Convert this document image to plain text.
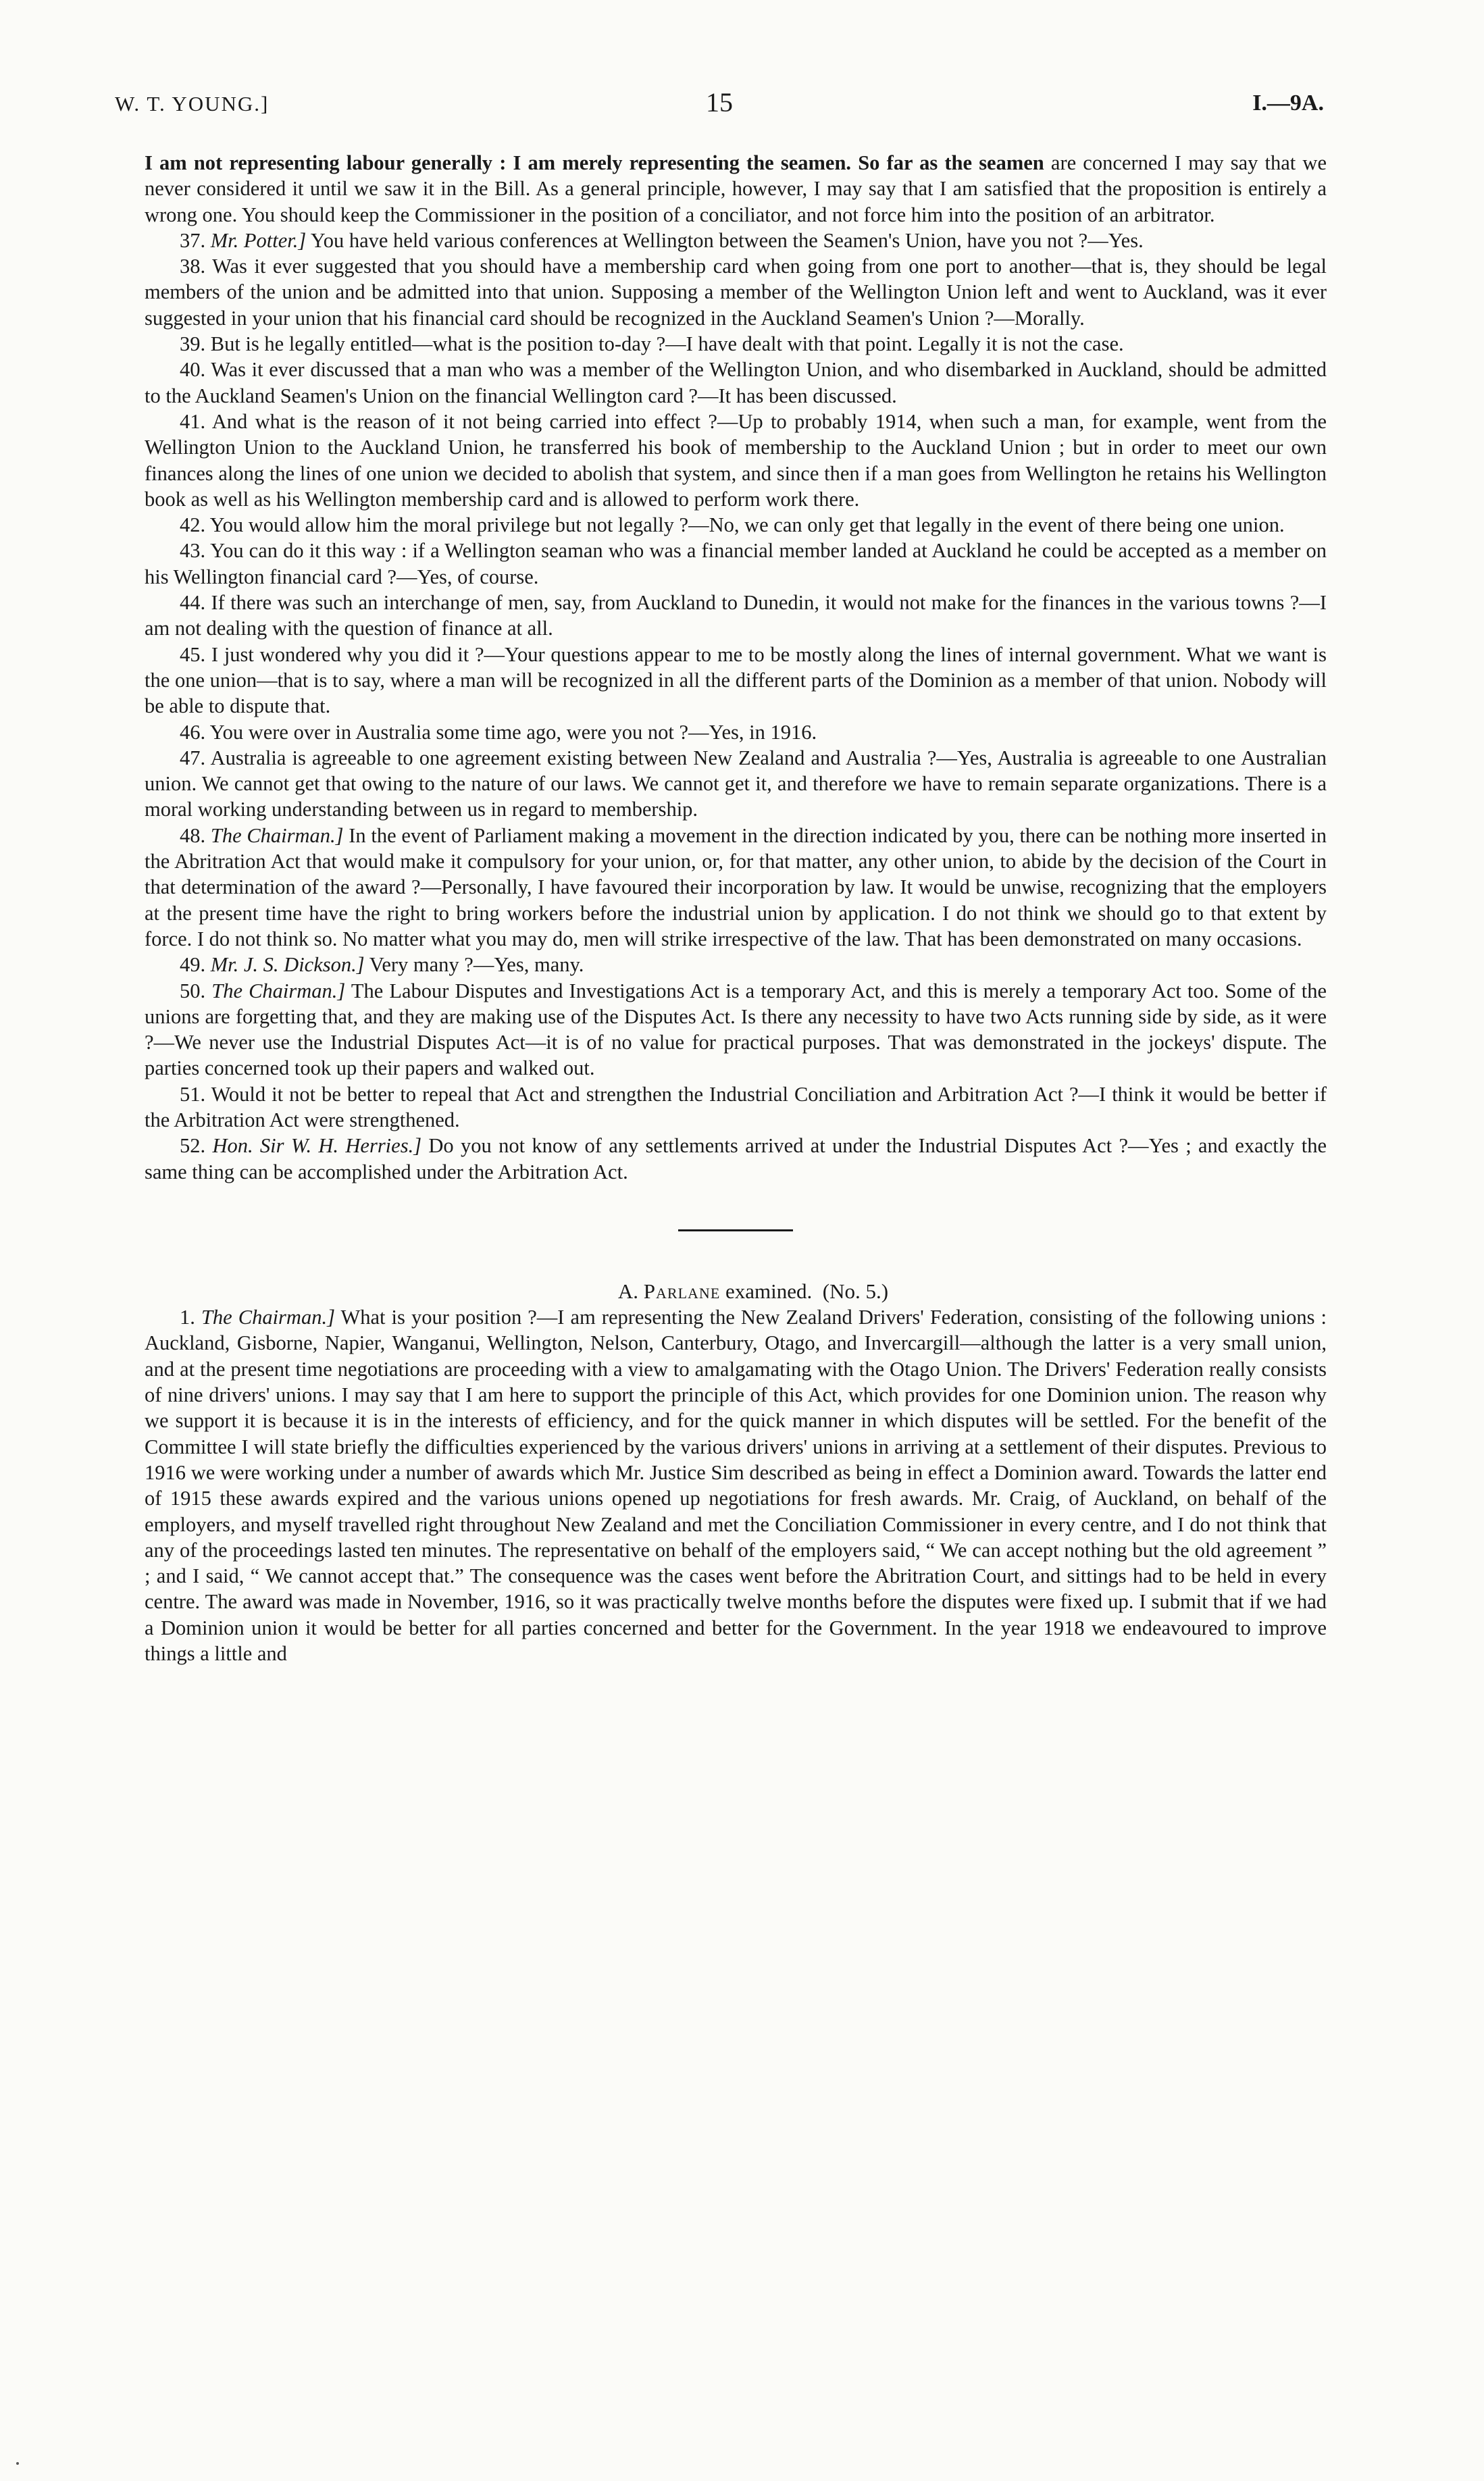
W. T. YOUNG.]	15	I.—9A.

I am not representing labour generally : I am merely representing the seamen. So far as the seamen are concerned I may say that we never considered it until we saw it in the Bill. As a general principle, however, I may say that I am satisfied that the proposition is entirely a wrong one. You should keep the Commissioner in the position of a conciliator, and not force him into the position of an arbitrator.

37. Mr. Potter.] You have held various conferences at Wellington between the Seamen's Union, have you not ?—Yes.

38. Was it ever suggested that you should have a membership card when going from one port to another—that is, they should be legal members of the union and be admitted into that union. Supposing a member of the Wellington Union left and went to Auckland, was it ever suggested in your union that his financial card should be recognized in the Auckland Seamen's Union ?—Morally.

39. But is he legally entitled—what is the position to-day ?—I have dealt with that point. Legally it is not the case.

40. Was it ever discussed that a man who was a member of the Wellington Union, and who disembarked in Auckland, should be admitted to the Auckland Seamen's Union on the financial Wellington card ?—It has been discussed.

41. And what is the reason of it not being carried into effect ?—Up to probably 1914, when such a man, for example, went from the Wellington Union to the Auckland Union, he transferred his book of membership to the Auckland Union ; but in order to meet our own finances along the lines of one union we decided to abolish that system, and since then if a man goes from Wellington he retains his Wellington book as well as his Wellington membership card and is allowed to perform work there.

42. You would allow him the moral privilege but not legally ?—No, we can only get that legally in the event of there being one union.

43. You can do it this way : if a Wellington seaman who was a financial member landed at Auckland he could be accepted as a member on his Wellington financial card ?—Yes, of course.

44. If there was such an interchange of men, say, from Auckland to Dunedin, it would not make for the finances in the various towns ?—I am not dealing with the question of finance at all.

45. I just wondered why you did it ?—Your questions appear to me to be mostly along the lines of internal government. What we want is the one union—that is to say, where a man will be recognized in all the different parts of the Dominion as a member of that union. Nobody will be able to dispute that.

46. You were over in Australia some time ago, were you not ?—Yes, in 1916.

47. Australia is agreeable to one agreement existing between New Zealand and Australia ?—Yes, Australia is agreeable to one Australian union. We cannot get that owing to the nature of our laws. We cannot get it, and therefore we have to remain separate organizations. There is a moral working understanding between us in regard to membership.

48. The Chairman.] In the event of Parliament making a movement in the direction indicated by you, there can be nothing more inserted in the Abritration Act that would make it compulsory for your union, or, for that matter, any other union, to abide by the decision of the Court in that determination of the award ?—Personally, I have favoured their incorporation by law. It would be unwise, recognizing that the employers at the present time have the right to bring workers before the industrial union by application. I do not think we should go to that extent by force. I do not think so. No matter what you may do, men will strike irrespective of the law. That has been demonstrated on many occasions.

49. Mr. J. S. Dickson.] Very many ?—Yes, many.

50. The Chairman.] The Labour Disputes and Investigations Act is a temporary Act, and this is merely a temporary Act too. Some of the unions are forgetting that, and they are making use of the Disputes Act. Is there any necessity to have two Acts running side by side, as it were ?—We never use the Industrial Disputes Act—it is of no value for practical purposes. That was demonstrated in the jockeys' dispute. The parties concerned took up their papers and walked out.

51. Would it not be better to repeal that Act and strengthen the Industrial Conciliation and Arbitration Act ?—I think it would be better if the Arbitration Act were strengthened.

52. Hon. Sir W. H. Herries.] Do you not know of any settlements arrived at under the Industrial Disputes Act ?—Yes ; and exactly the same thing can be accomplished under the Arbitration Act.

A. Parlane examined. (No. 5.)

1. The Chairman.] What is your position ?—I am representing the New Zealand Drivers' Federation, consisting of the following unions : Auckland, Gisborne, Napier, Wanganui, Wellington, Nelson, Canterbury, Otago, and Invercargill—although the latter is a very small union, and at the present time negotiations are proceeding with a view to amalgamating with the Otago Union. The Drivers' Federation really consists of nine drivers' unions. I may say that I am here to support the principle of this Act, which provides for one Dominion union. The reason why we support it is because it is in the interests of efficiency, and for the quick manner in which disputes will be settled. For the benefit of the Committee I will state briefly the difficulties experienced by the various drivers' unions in arriving at a settlement of their disputes. Previous to 1916 we were working under a number of awards which Mr. Justice Sim described as being in effect a Dominion award. Towards the latter end of 1915 these awards expired and the various unions opened up negotiations for fresh awards. Mr. Craig, of Auckland, on behalf of the employers, and myself travelled right throughout New Zealand and met the Conciliation Commissioner in every centre, and I do not think that any of the proceedings lasted ten minutes. The representative on behalf of the employers said, “ We can accept nothing but the old agreement ” ; and I said, “ We cannot accept that.” The consequence was the cases went before the Abritration Court, and sittings had to be held in every centre. The award was made in November, 1916, so it was practically twelve months before the disputes were fixed up. I submit that if we had a Dominion union it would be better for all parties concerned and better for the Government. In the year 1918 we endeavoured to improve things a little and
